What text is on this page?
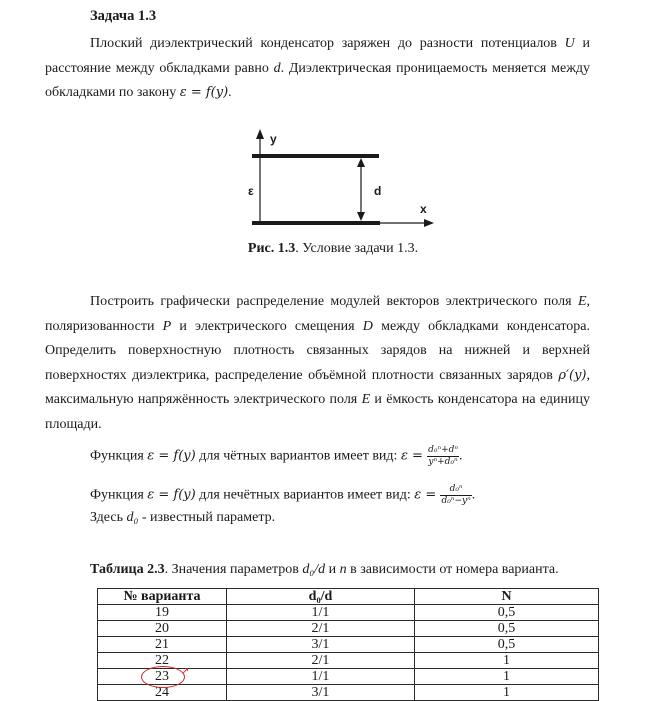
Задача 1.3
Плоский диэлектрический конденсатор заряжен до разности потенциалов U и расстояние между обкладками равно d. Диэлектрическая проницаемость меняется между обкладками по закону ε = f(y).
y
x
ε	d
Рис. 1.3. Условие задачи 1.3.
Построить графически распределение модулей векторов электрического поля E, поляризованности P и электрического смещения D между обкладками конденсатора. Определить поверхностную плотность связанных зарядов на нижней и верхней поверхностях диэлектрика, распределение объёмной плотности связанных зарядов ρ′(y), максимальную напряжённость электрического поля E и ёмкость конденсатора на единицу площади.
Функция ε = f(y) для чётных вариантов имеет вид: $\varepsilon = \frac{\text{d₀ⁿ+dⁿ}}{\text{yⁿ+d₀ⁿ}}$ .
Функция ε = f(y) для нечётных вариантов имеет вид: $\varepsilon = \frac{\text{d₀ⁿ}}{\text{d₀ⁿ−yⁿ}}$ .
Здесь d₀ - известный параметр.
Таблица 2.3. Значения параметров d₀/d и n в зависимости от номера варианта.
№ варианта	d₀/d	N
19	1/1	0,5
20	2/1	0,5
21	3/1	0,5
22	2/1	1
23 ↗	1/1	1
24	3/1	1
